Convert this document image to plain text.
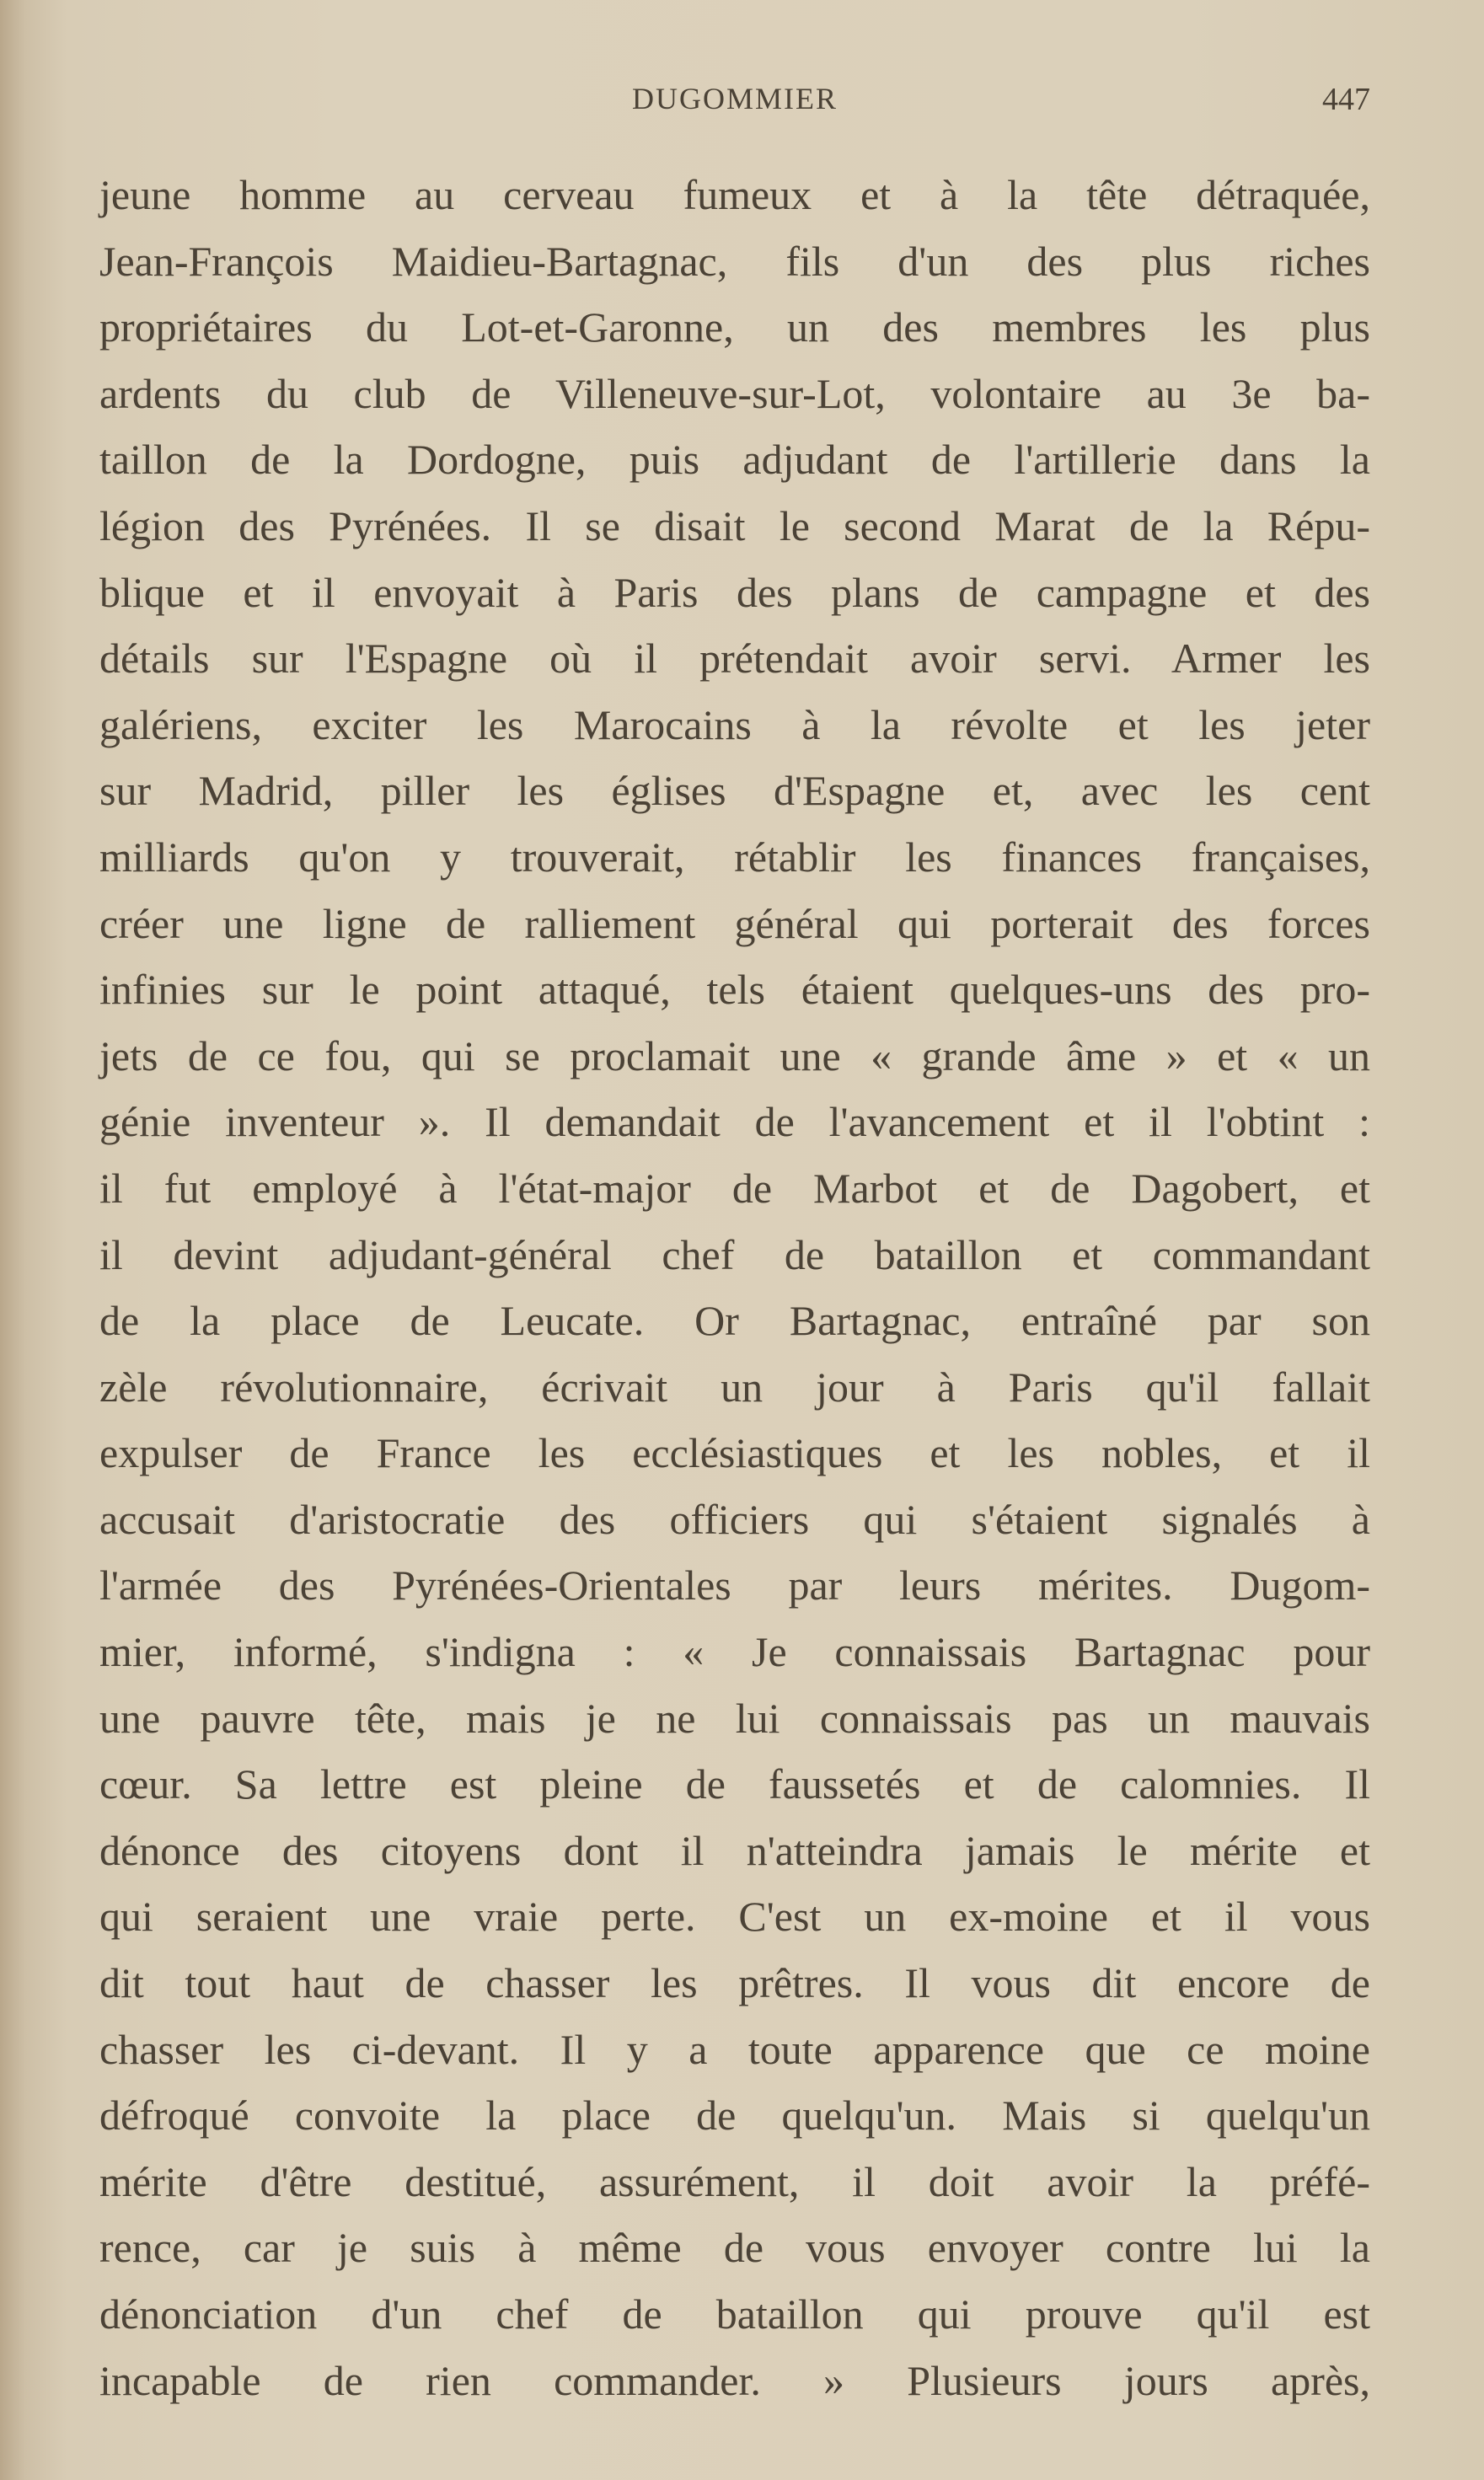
DUGOMMIER	447
jeune homme au cerveau fumeux et à la tête détraquée,
Jean-François Maidieu-Bartagnac, fils d'un des plus riches
propriétaires du Lot-et-Garonne, un des membres les plus
ardents du club de Villeneuve-sur-Lot, volontaire au 3e ba-
taillon de la Dordogne, puis adjudant de l'artillerie dans la
légion des Pyrénées. Il se disait le second Marat de la Répu-
blique et il envoyait à Paris des plans de campagne et des
détails sur l'Espagne où il prétendait avoir servi. Armer les
galériens, exciter les Marocains à la révolte et les jeter
sur Madrid, piller les églises d'Espagne et, avec les cent
milliards qu'on y trouverait, rétablir les finances françaises,
créer une ligne de ralliement général qui porterait des forces
infinies sur le point attaqué, tels étaient quelques-uns des pro-
jets de ce fou, qui se proclamait une « grande âme » et « un
génie inventeur ». Il demandait de l'avancement et il l'obtint :
il fut employé à l'état-major de Marbot et de Dagobert, et
il devint adjudant-général chef de bataillon et commandant
de la place de Leucate. Or Bartagnac, entraîné par son
zèle révolutionnaire, écrivait un jour à Paris qu'il fallait
expulser de France les ecclésiastiques et les nobles, et il
accusait d'aristocratie des officiers qui s'étaient signalés à
l'armée des Pyrénées-Orientales par leurs mérites. Dugom-
mier, informé, s'indigna : « Je connaissais Bartagnac pour
une pauvre tête, mais je ne lui connaissais pas un mauvais
cœur. Sa lettre est pleine de faussetés et de calomnies. Il
dénonce des citoyens dont il n'atteindra jamais le mérite et
qui seraient une vraie perte. C'est un ex-moine et il vous
dit tout haut de chasser les prêtres. Il vous dit encore de
chasser les ci-devant. Il y a toute apparence que ce moine
défroqué convoite la place de quelqu'un. Mais si quelqu'un
mérite d'être destitué, assurément, il doit avoir la préfé-
rence, car je suis à même de vous envoyer contre lui la
dénonciation d'un chef de bataillon qui prouve qu'il est
incapable de rien commander. » Plusieurs jours après,
